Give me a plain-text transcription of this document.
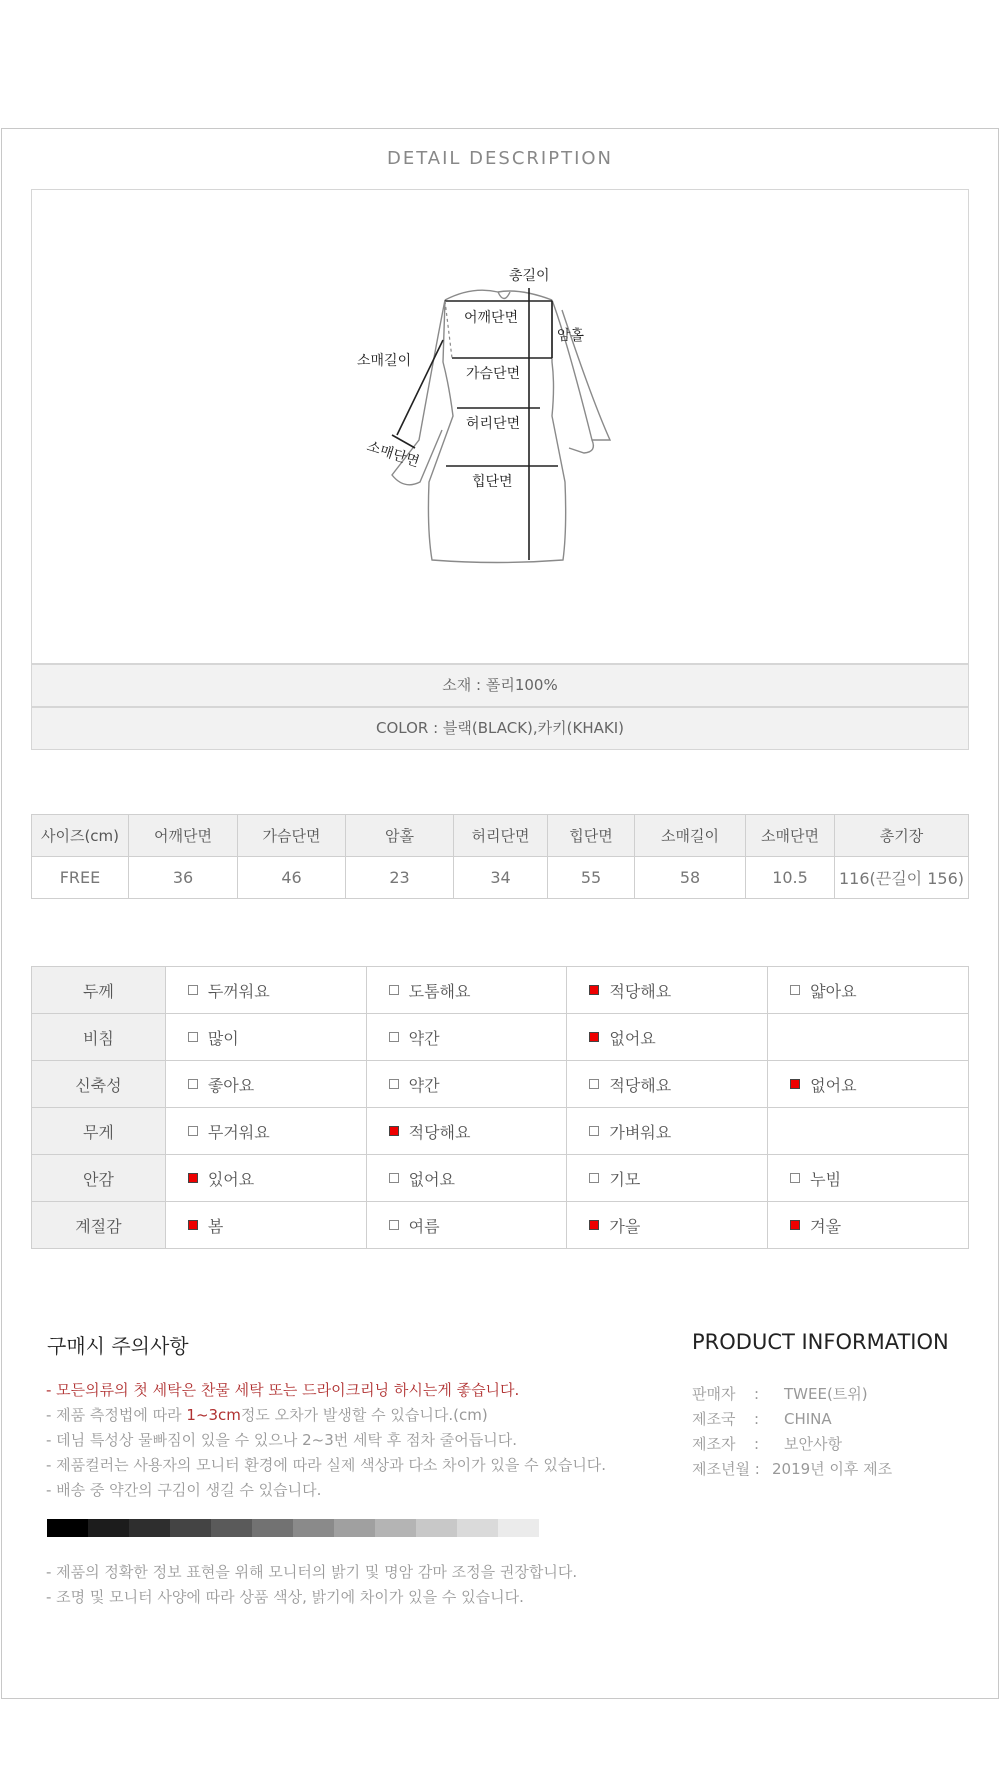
DETAIL DESCRIPTION
총길이
어깨단면
암홀
소매길이
가슴단면
허리단면
소매단면
힙단면
소재 : 폴리100%
COLOR : 블랙(BLACK),카키(KHAKI)
사이즈(cm)	어깨단면	가슴단면	암홀	허리단면	힙단면	소매길이	소매단면	총기장
FREE	36	46	23	34	55	58	10.5	116(끈길이 156)
두께	두꺼워요	도톰해요	적당해요	얇아요

비침	많이	약간	없어요	

신축성	좋아요	약간	적당해요	없어요

무게	무거워요	적당해요	가벼워요	

안감	있어요	없어요	기모	누빔

계절감	봄	여름	가을	겨울
구매시 주의사항
- 모든의류의 첫 세탁은 찬물 세탁 또는 드라이크리닝 하시는게 좋습니다.
- 제품 측정법에 따라 1~3cm정도 오차가 발생할 수 있습니다.(cm)
- 데님 특성상 물빠짐이 있을 수 있으나 2~3번 세탁 후 점차 줄어듭니다.
- 제품컬러는 사용자의 모니터 환경에 따라 실제 색상과 다소 차이가 있을 수 있습니다.
- 배송 중 약간의 구김이 생길 수 있습니다.
- 제품의 정확한 정보 표현을 위해 모니터의 밝기 및 명암 감마 조정을 권장합니다.
- 조명 및 모니터 사양에 따라 상품 색상, 밝기에 차이가 있을 수 있습니다.
PRODUCT INFORMATION
판매자	:	TWEE(트위)
제조국	:	CHINA
제조자	:	보안사항
제조년월 : 2019년 이후 제조
